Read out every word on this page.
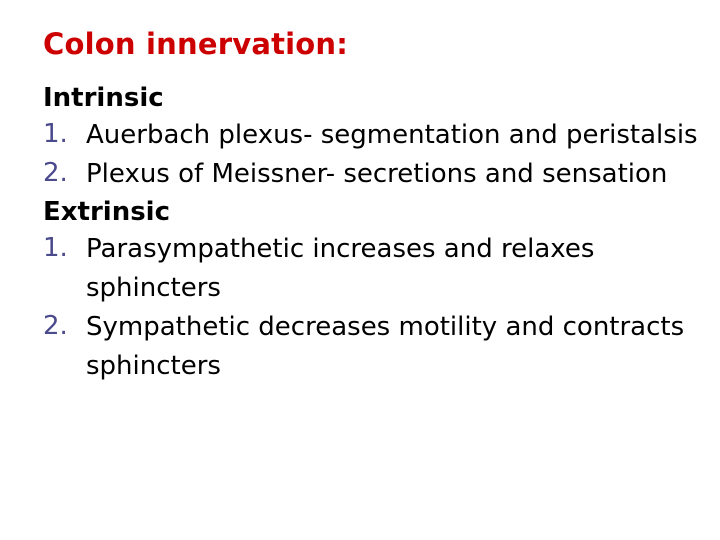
Colon innervation:
Intrinsic
1. Auerbach plexus- segmentation and peristalsis
2. Plexus of Meissner- secretions and sensation
Extrinsic
1. Parasympathetic increases and relaxes sphincters
2. Sympathetic decreases motility and contracts sphincters
